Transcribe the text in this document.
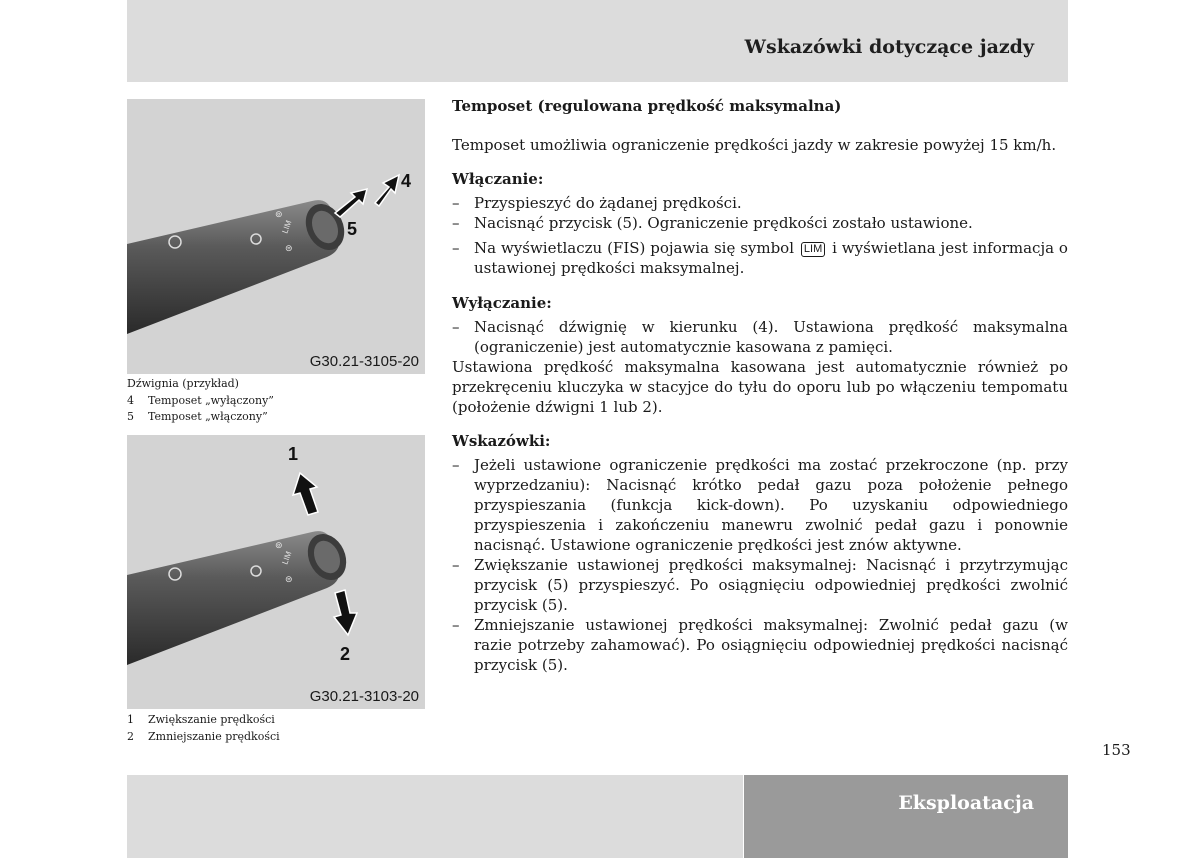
Wskazówki dotyczące jazdy
LIM
⊚
⊜
4
5
G30.21-3105-20
Dźwignia (przykład)
4 Temposet „wyłączony”
5 Temposet „włączony”
LIM
⊚
⊜
1
2
G30.21-3103-20
1 Zwiększanie prędkości
2 Zmniejszanie prędkości
Temposet (regulowana prędkość maksymalna)
Temposet umożliwia ograniczenie prędkości jazdy w zakresie powyżej 15 km/h.
Włączanie:
– Przyspieszyć do żądanej prędkości.
– Nacisnąć przycisk (5). Ograniczenie prędkości zostało ustawione.
– Na wyświetlaczu (FIS) pojawia się symbol LIM i wyświetlana jest informacja o ustawionej prędkości maksymalnej.
Wyłączanie:
– Nacisnąć dźwignię w kierunku (4). Ustawiona prędkość maksymalna (ograniczenie) jest automatycznie kasowana z pamięci.
Ustawiona prędkość maksymalna kasowana jest automatycznie również po przekręceniu kluczyka w stacyjce do tyłu do oporu lub po włączeniu tempomatu (położenie dźwigni 1 lub 2).
Wskazówki:
– Jeżeli ustawione ograniczenie prędkości ma zostać przekroczone (np. przy wyprzedzaniu): Nacisnąć krótko pedał gazu poza położenie pełnego przyspieszania (funkcja kick-down). Po uzyskaniu odpowiedniego przyspieszenia i zakończeniu manewru zwolnić pedał gazu i ponownie nacisnąć. Ustawione ograniczenie prędkości jest znów aktywne.
– Zwiększanie ustawionej prędkości maksymalnej: Nacisnąć i przytrzymując przycisk (5) przyspieszyć. Po osiągnięciu odpowiedniej prędkości zwolnić przycisk (5).
– Zmniejszanie ustawionej prędkości maksymalnej: Zwolnić pedał gazu (w razie potrzeby zahamować). Po osiągnięciu odpowiedniej prędkości nacisnąć przycisk (5).
153
Eksploatacja
